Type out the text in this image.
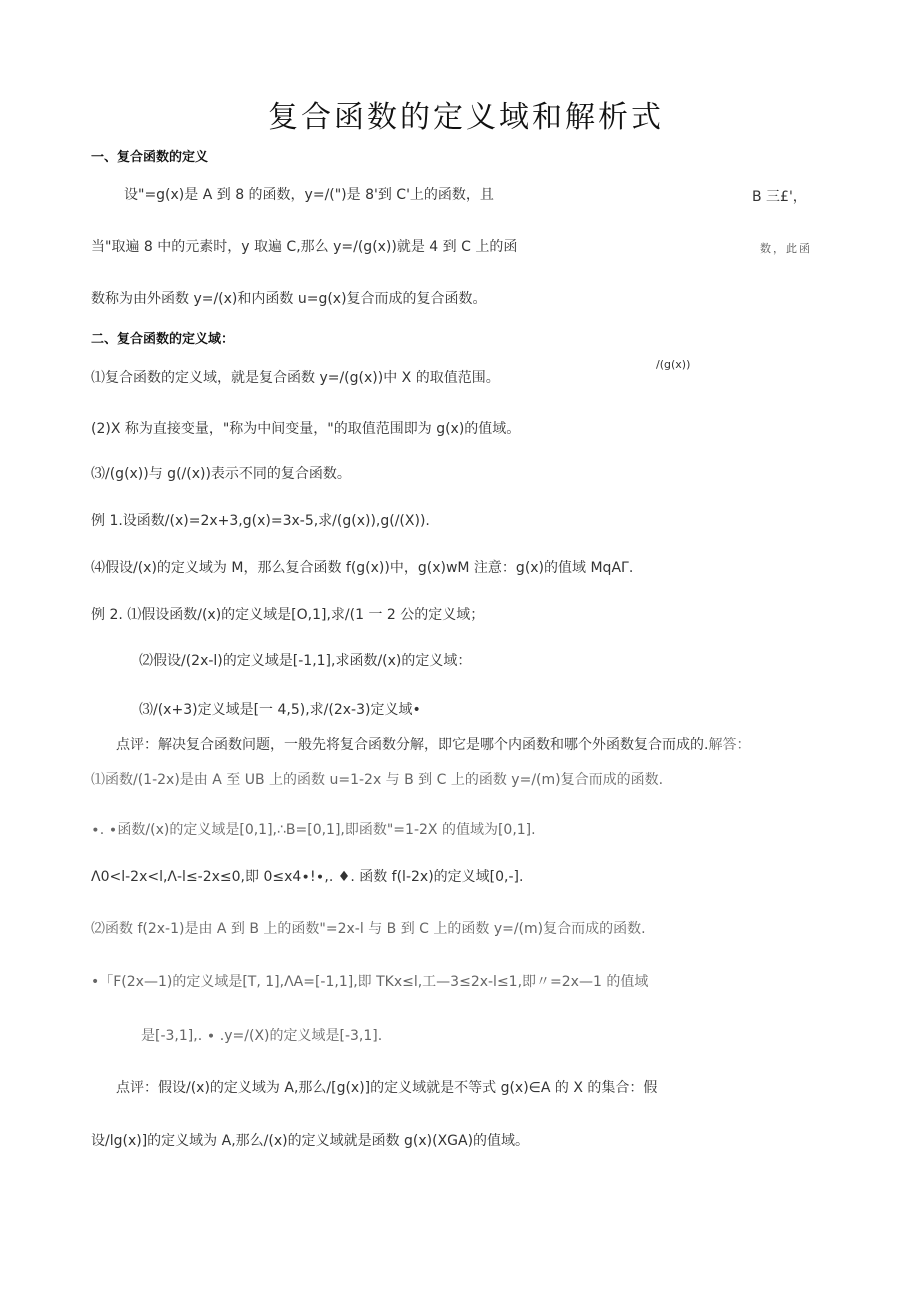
复合函数的定义域和解析式
一、复合函数的定义
设"=g(x)是 A 到 8 的函数，y=/(")是 8'到 C'上的函数，且	B 三£'，
当"取遍 8 中的元素时，y 取遍 C,那么 y=/(g(x))就是 4 到 C 上的函	数，此函
数称为由外函数 y=/(x)和内函数 u=g(x)复合而成的复合函数。
二、复合函数的定义域：
/(g(x))
⑴复合函数的定义域，就是复合函数 y=/(g(x))中 X 的取值范围。
(2)X 称为直接变量，"称为中间变量，"的取值范围即为 g(x)的值域。
⑶/(g(x))与 g(/(x))表示不同的复合函数。
例 1.设函数/(x)=2x+3,g(x)=3x-5,求/(g(x)),g(/(X)).
⑷假设/(x)的定义域为 M，那么复合函数 f(g(x))中，g(x)wM 注意：g(x)的值域 MqAΓ.
例 2. ⑴假设函数/(x)的定义域是[O,1],求/(1 一 2 公的定义域；
⑵假设/(2x-l)的定义域是[-1,1],求函数/(x)的定义域：
⑶/(x+3)定义域是[一 4,5),求/(2x-3)定义域•
点评：解决复合函数问题，一般先将复合函数分解，即它是哪个内函数和哪个外函数复合而成的.解答：
⑴函数/(1-2x)是由 A 至 UB 上的函数 u=1-2x 与 B 到 C 上的函数 y=/(m)复合而成的函数.
∙. ∙函数/(x)的定义域是[0,1],∴B=[0,1],即函数"=1-2X 的值域为[0,1].
Λ0<l-2x<l,Λ-l≤-2x≤0,即 0≤x4∙!∙,. ♦. 函数 f(l-2x)的定义域[0,-].
⑵函数 f(2x-1)是由 A 到 B 上的函数"=2x-l 与 B 到 C 上的函数 y=/(m)复合而成的函数.
•「F(2x—1)的定义域是[T, 1],ΛA=[-1,1],即 TKx≤l,工—3≤2x-l≤1,即〃=2x—1 的值域
是[-3,1],. ∙ .y=/(X)的定义域是[-3,1].
点评：假设/(x)的定义域为 A,那么/[g(x)]的定义域就是不等式 g(x)∈A 的 X 的集合：假
设/lg(x)]的定义域为 A,那么/(x)的定义域就是函数 g(x)(XGA)的值域。
